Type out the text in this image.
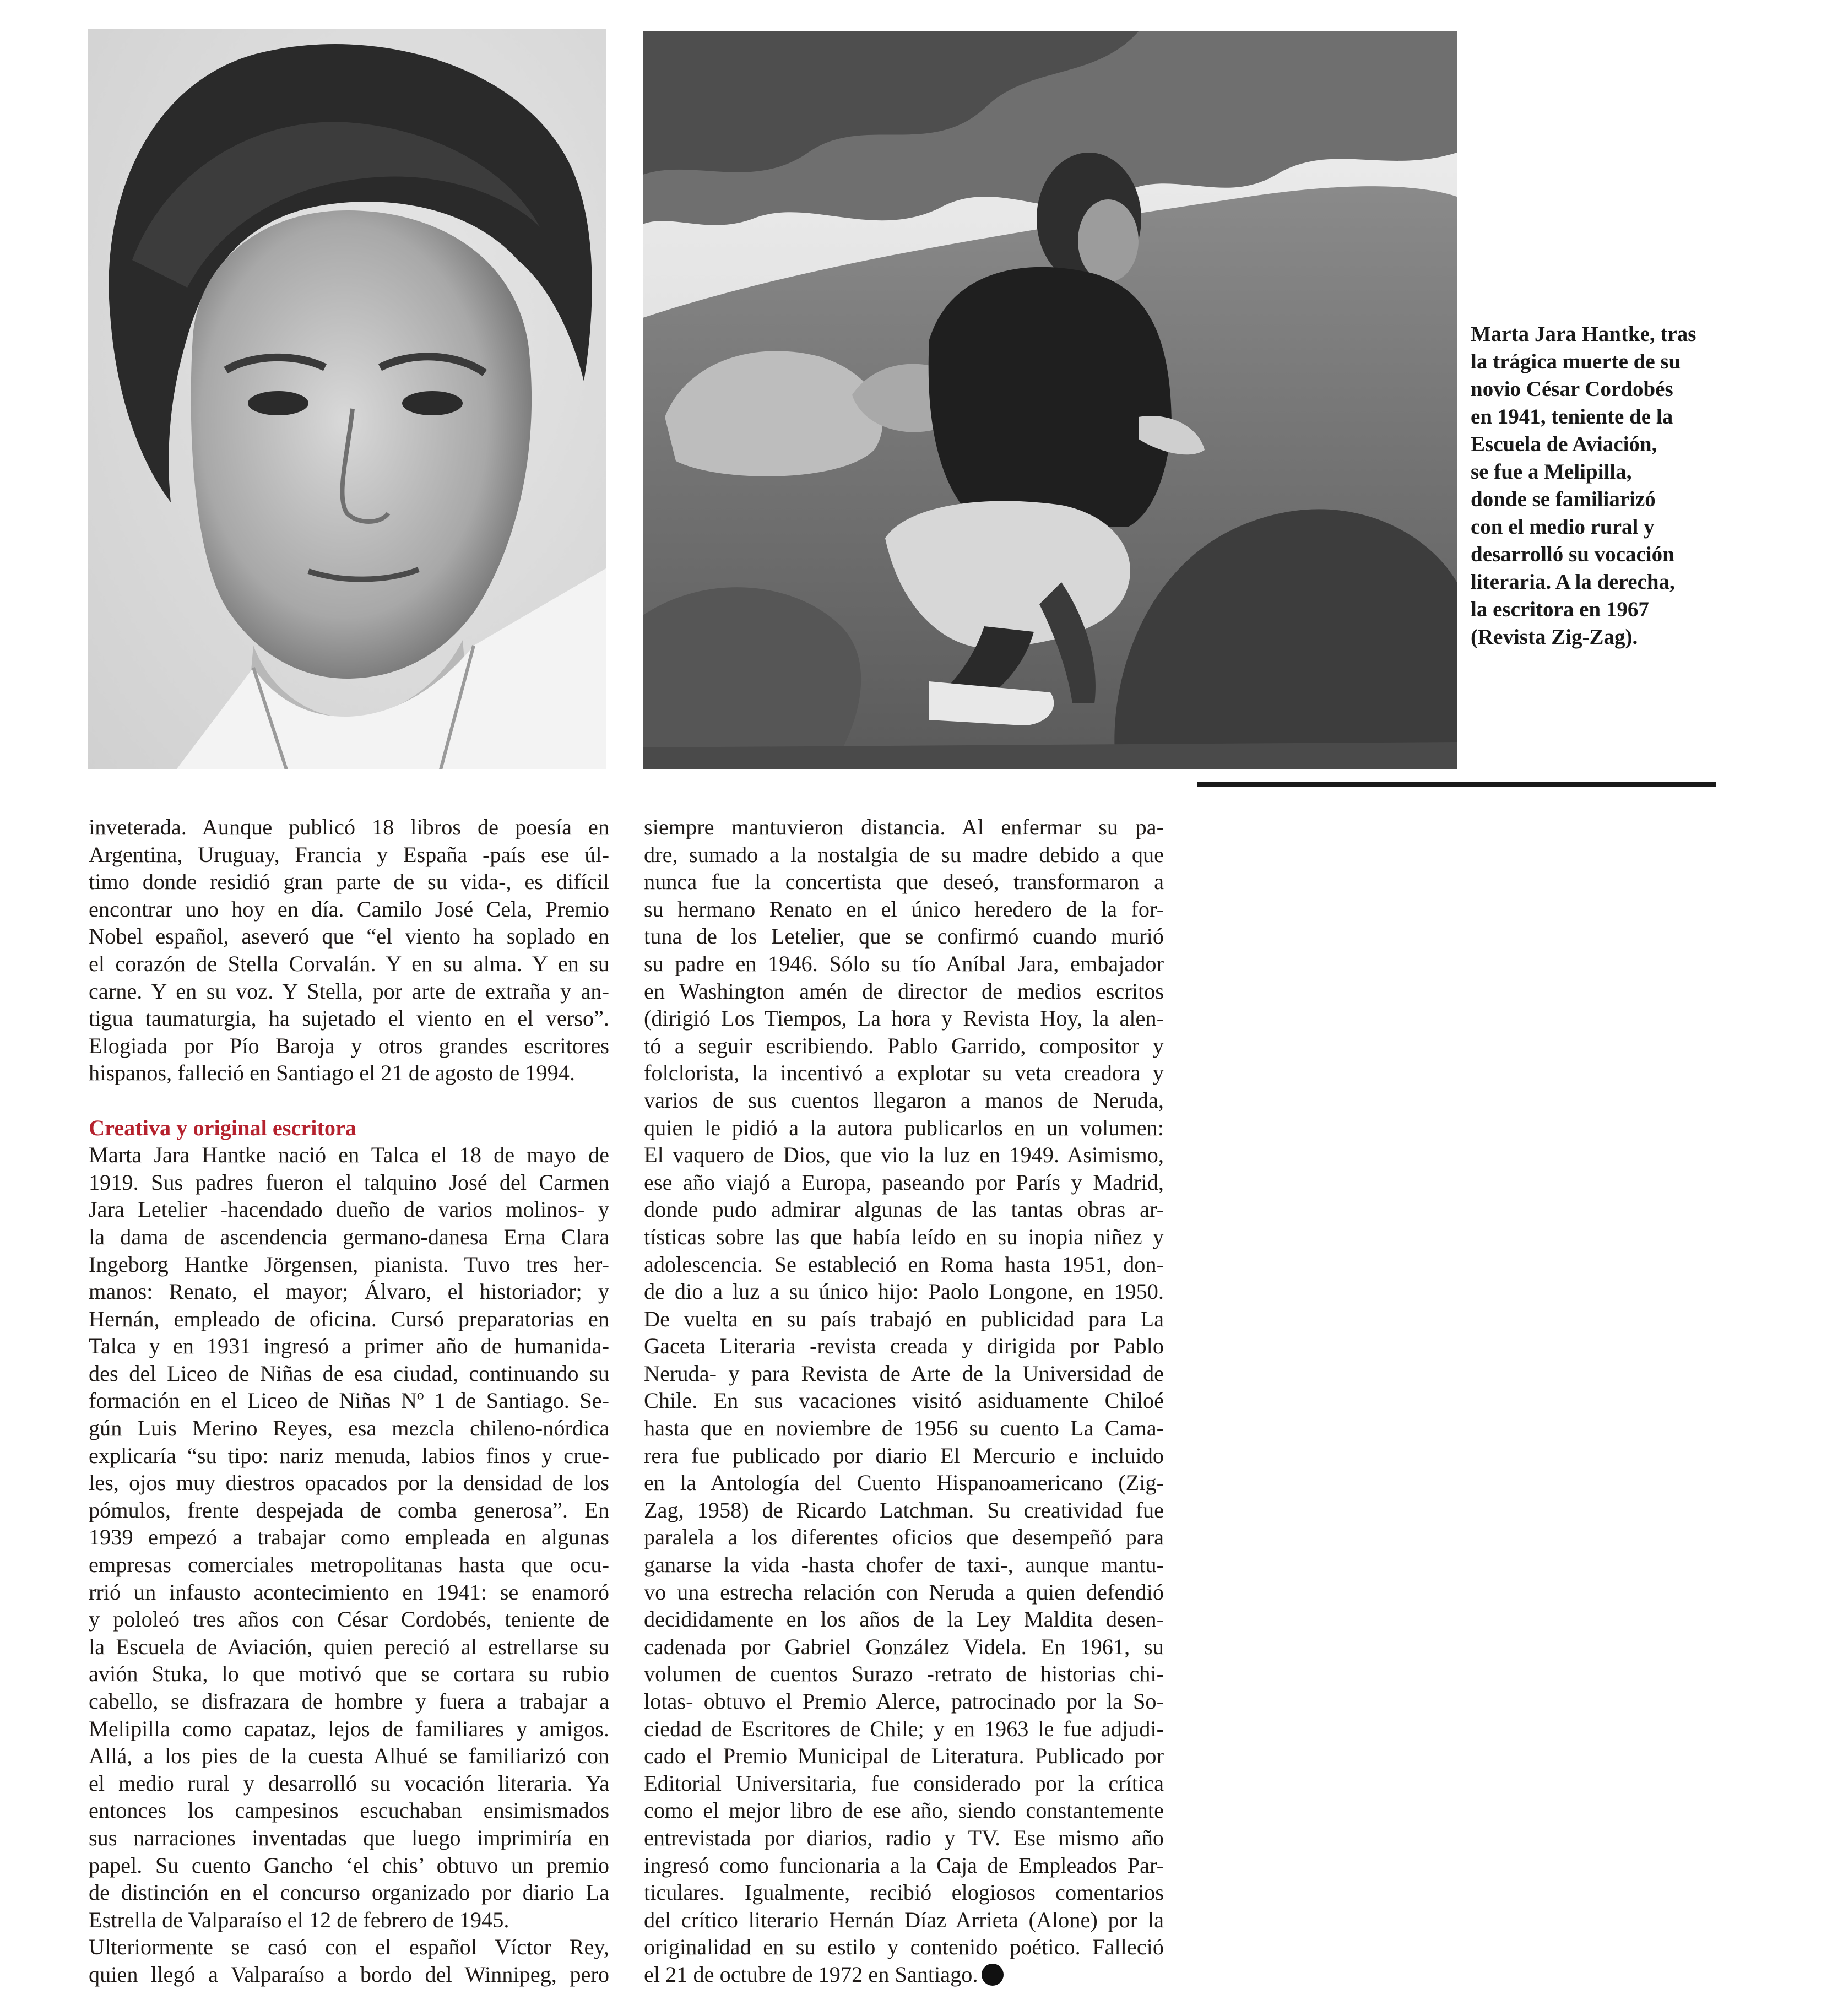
Marta Jara Hantke, tras
la trágica muerte de su
novio César Cordobés
en 1941, teniente de la
Escuela de Aviación,
se fue a Melipilla,
donde se familiarizó
con el medio rural y
desarrolló su vocación
literaria. A la derecha,
la escritora en 1967
(Revista Zig-Zag).
inveterada. Aunque publicó 18 libros de poesía en
Argentina, Uruguay, Francia y España -país ese úl-
timo donde residió gran parte de su vida-, es difícil
encontrar uno hoy en día. Camilo José Cela, Premio
Nobel español, aseveró que “el viento ha soplado en
el corazón de Stella Corvalán. Y en su alma. Y en su
carne. Y en su voz. Y Stella, por arte de extraña y an-
tigua taumaturgia, ha sujetado el viento en el verso”.
Elogiada por Pío Baroja y otros grandes escritores
hispanos, falleció en Santiago el 21 de agosto de 1994.
Creativa y original escritora
Marta Jara Hantke nació en Talca el 18 de mayo de
1919. Sus padres fueron el talquino José del Carmen
Jara Letelier -hacendado dueño de varios molinos- y
la dama de ascendencia germano-danesa Erna Clara
Ingeborg Hantke Jörgensen, pianista. Tuvo tres her-
manos: Renato, el mayor; Álvaro, el historiador; y
Hernán, empleado de oficina. Cursó preparatorias en
Talca y en 1931 ingresó a primer año de humanida-
des del Liceo de Niñas de esa ciudad, continuando su
formación en el Liceo de Niñas Nº 1 de Santiago. Se-
gún Luis Merino Reyes, esa mezcla chileno-nórdica
explicaría “su tipo: nariz menuda, labios finos y crue-
les, ojos muy diestros opacados por la densidad de los
pómulos, frente despejada de comba generosa”. En
1939 empezó a trabajar como empleada en algunas
empresas comerciales metropolitanas hasta que ocu-
rrió un infausto acontecimiento en 1941: se enamoró
y pololeó tres años con César Cordobés, teniente de
la Escuela de Aviación, quien pereció al estrellarse su
avión Stuka, lo que motivó que se cortara su rubio
cabello, se disfrazara de hombre y fuera a trabajar a
Melipilla como capataz, lejos de familiares y amigos.
Allá, a los pies de la cuesta Alhué se familiarizó con
el medio rural y desarrolló su vocación literaria. Ya
entonces los campesinos escuchaban ensimismados
sus narraciones inventadas que luego imprimiría en
papel. Su cuento Gancho ‘el chis’ obtuvo un premio
de distinción en el concurso organizado por diario La
Estrella de Valparaíso el 12 de febrero de 1945.
Ulteriormente se casó con el español Víctor Rey,
quien llegó a Valparaíso a bordo del Winnipeg, pero
siempre mantuvieron distancia. Al enfermar su pa-
dre, sumado a la nostalgia de su madre debido a que
nunca fue la concertista que deseó, transformaron a
su hermano Renato en el único heredero de la for-
tuna de los Letelier, que se confirmó cuando murió
su padre en 1946. Sólo su tío Aníbal Jara, embajador
en Washington amén de director de medios escritos
(dirigió Los Tiempos, La hora y Revista Hoy, la alen-
tó a seguir escribiendo. Pablo Garrido, compositor y
folclorista, la incentivó a explotar su veta creadora y
varios de sus cuentos llegaron a manos de Neruda,
quien le pidió a la autora publicarlos en un volumen:
El vaquero de Dios, que vio la luz en 1949. Asimismo,
ese año viajó a Europa, paseando por París y Madrid,
donde pudo admirar algunas de las tantas obras ar-
tísticas sobre las que había leído en su inopia niñez y
adolescencia. Se estableció en Roma hasta 1951, don-
de dio a luz a su único hijo: Paolo Longone, en 1950.
De vuelta en su país trabajó en publicidad para La
Gaceta Literaria -revista creada y dirigida por Pablo
Neruda- y para Revista de Arte de la Universidad de
Chile. En sus vacaciones visitó asiduamente Chiloé
hasta que en noviembre de 1956 su cuento La Cama-
rera fue publicado por diario El Mercurio e incluido
en la Antología del Cuento Hispanoamericano (Zig-
Zag, 1958) de Ricardo Latchman. Su creatividad fue
paralela a los diferentes oficios que desempeñó para
ganarse la vida -hasta chofer de taxi-, aunque mantu-
vo una estrecha relación con Neruda a quien defendió
decididamente en los años de la Ley Maldita desen-
cadenada por Gabriel González Videla. En 1961, su
volumen de cuentos Surazo -retrato de historias chi-
lotas- obtuvo el Premio Alerce, patrocinado por la So-
ciedad de Escritores de Chile; y en 1963 le fue adjudi-
cado el Premio Municipal de Literatura. Publicado por
Editorial Universitaria, fue considerado por la crítica
como el mejor libro de ese año, siendo constantemente
entrevistada por diarios, radio y TV. Ese mismo año
ingresó como funcionaria a la Caja de Empleados Par-
ticulares. Igualmente, recibió elogiosos comentarios
del crítico literario Hernán Díaz Arrieta (Alone) por la
originalidad en su estilo y contenido poético. Falleció
el 21 de octubre de 1972 en Santiago.
